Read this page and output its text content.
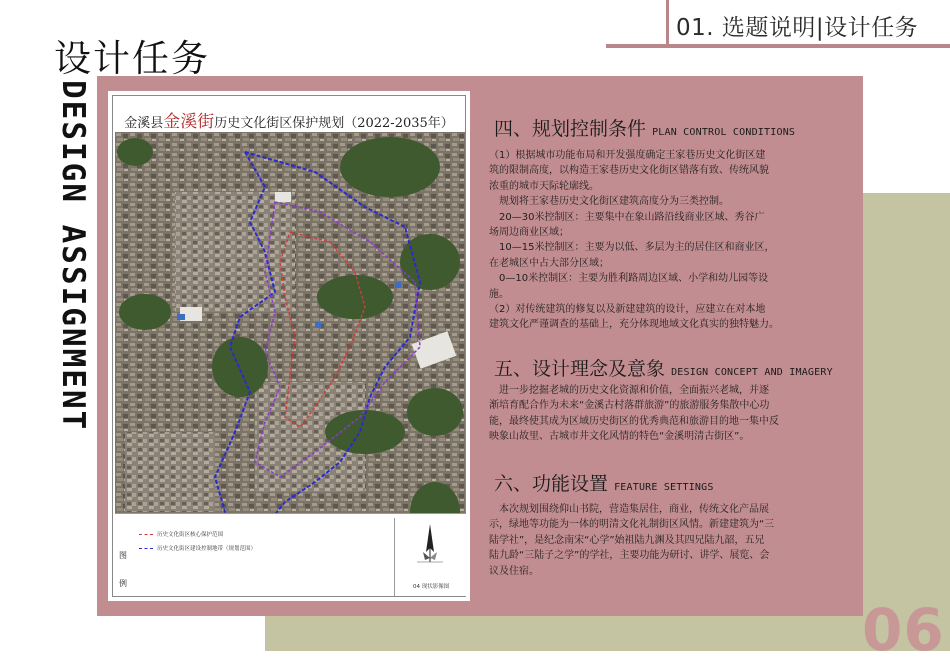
01. 选题说明|设计任务
设计任务
DESIGN ASSIGNMENT
06
金溪县金溪街历史文化街区保护规划（2022-2035年）
图
例
历史文化街区核心保护范围
历史文化街区建设控制地带（规划范围）
04 现状影像图
四、规划控制条件 PLAN CONTROL CONDITIONS
（1）根据城市功能布局和开发强度确定王家巷历史文化街区建
筑的限制高度，以构造王家巷历史文化街区错落有致、传统风貌
浓重的城市天际轮廓线。
　规划将王家巷历史文化街区建筑高度分为三类控制。
　20—30米控制区：主要集中在象山路沿线商业区域、秀谷广
场周边商业区域；
　10—15米控制区：主要为以低、多层为主的居住区和商业区，
在老城区中占大部分区域；
　0—10米控制区：主要为胜利路周边区域、小学和幼儿园等设
施。
（2）对传统建筑的修复以及新建建筑的设计，应建立在对本地
建筑文化严谨调查的基础上，充分体现地域文化真实的独特魅力。
五、设计理念及意象 DESIGN CONCEPT AND IMAGERY
　进一步挖掘老城的历史文化资源和价值，全面振兴老城，并逐
渐培育配合作为未来“金溪古村落群旅游”的旅游服务集散中心功
能，最终使其成为区域历史街区的优秀典范和旅游目的地一集中反
映象山故里、古城市井文化风情的特色“金溪明清古街区”。
六、功能设置 FEATURE SETTINGS
　本次规划围绕仰山书院，营造集居住，商业，传统文化产品展
示，绿地等功能为一体的明清文化礼制街区风情。新建建筑为“三
陆学社”，是纪念南宋“心学”始祖陆九渊及其四兄陆九韶，五兄
陆九龄“三陆子之学”的学社，主要功能为研讨、讲学、展览、会
议及住宿。
